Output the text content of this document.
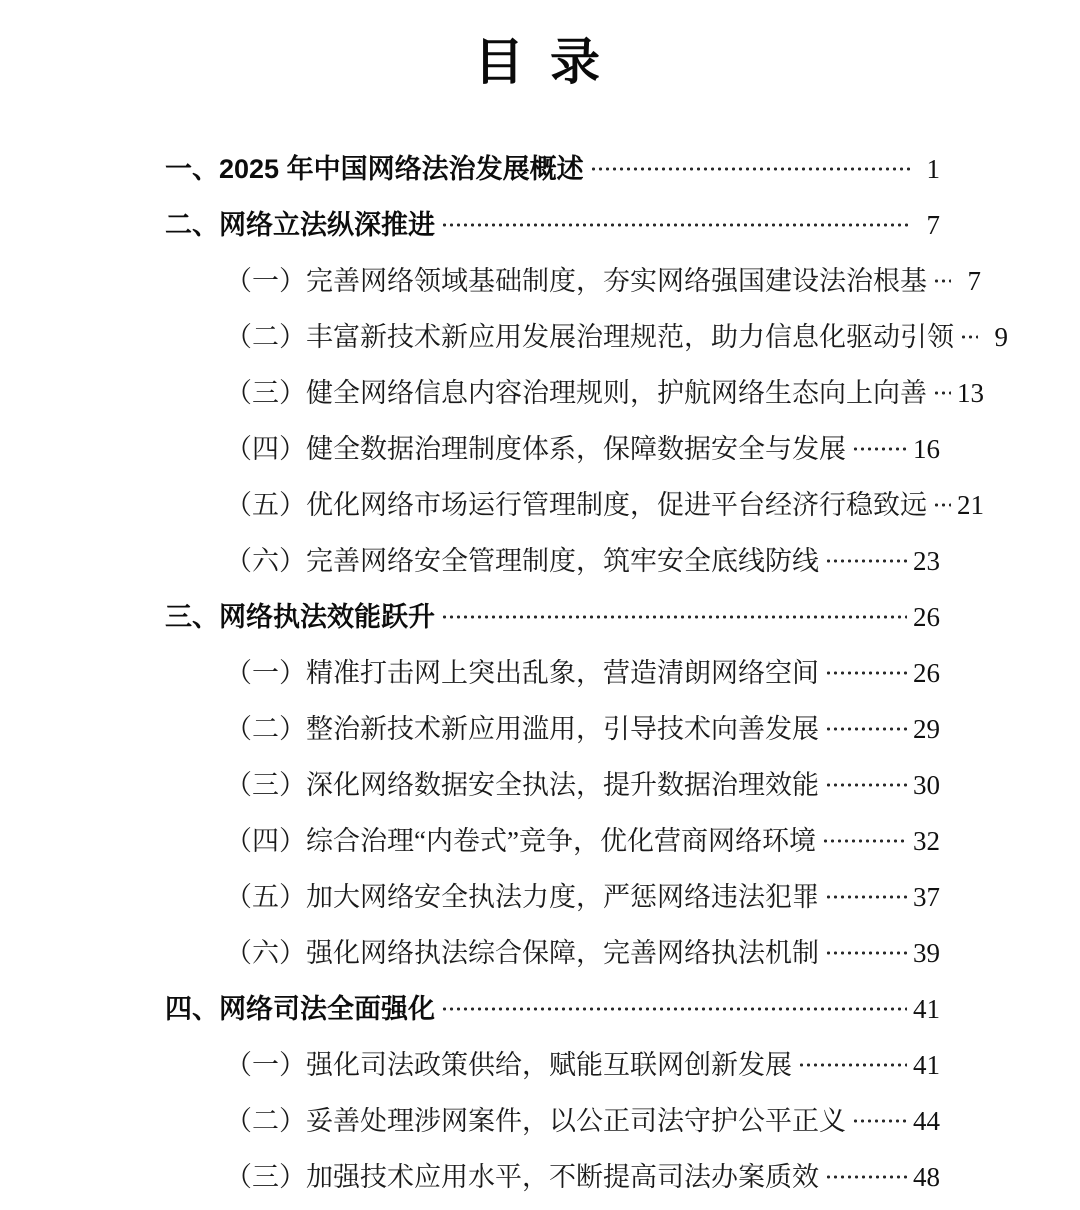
目 录
一、2025 年中国网络法治发展概述	1
二、网络立法纵深推进	7
（一）完善网络领域基础制度，夯实网络强国建设法治根基	7
（二）丰富新技术新应用发展治理规范，助力信息化驱动引领	9
（三）健全网络信息内容治理规则，护航网络生态向上向善 13
（四）健全数据治理制度体系，保障数据安全与发展 16
（五）优化网络市场运行管理制度，促进平台经济行稳致远 21
（六）完善网络安全管理制度，筑牢安全底线防线	23
三、网络执法效能跃升	26
（一）精准打击网上突出乱象，营造清朗网络空间	26
（二）整治新技术新应用滥用，引导技术向善发展	29
（三）深化网络数据安全执法，提升数据治理效能	30
（四）综合治理“内卷式”竞争，优化营商网络环境	32
（五）加大网络安全执法力度，严惩网络违法犯罪	37
（六）强化网络执法综合保障，完善网络执法机制	39
四、网络司法全面强化	41
（一）强化司法政策供给，赋能互联网创新发展	41
（二）妥善处理涉网案件，以公正司法守护公平正义 44
（三）加强技术应用水平，不断提高司法办案质效	48
